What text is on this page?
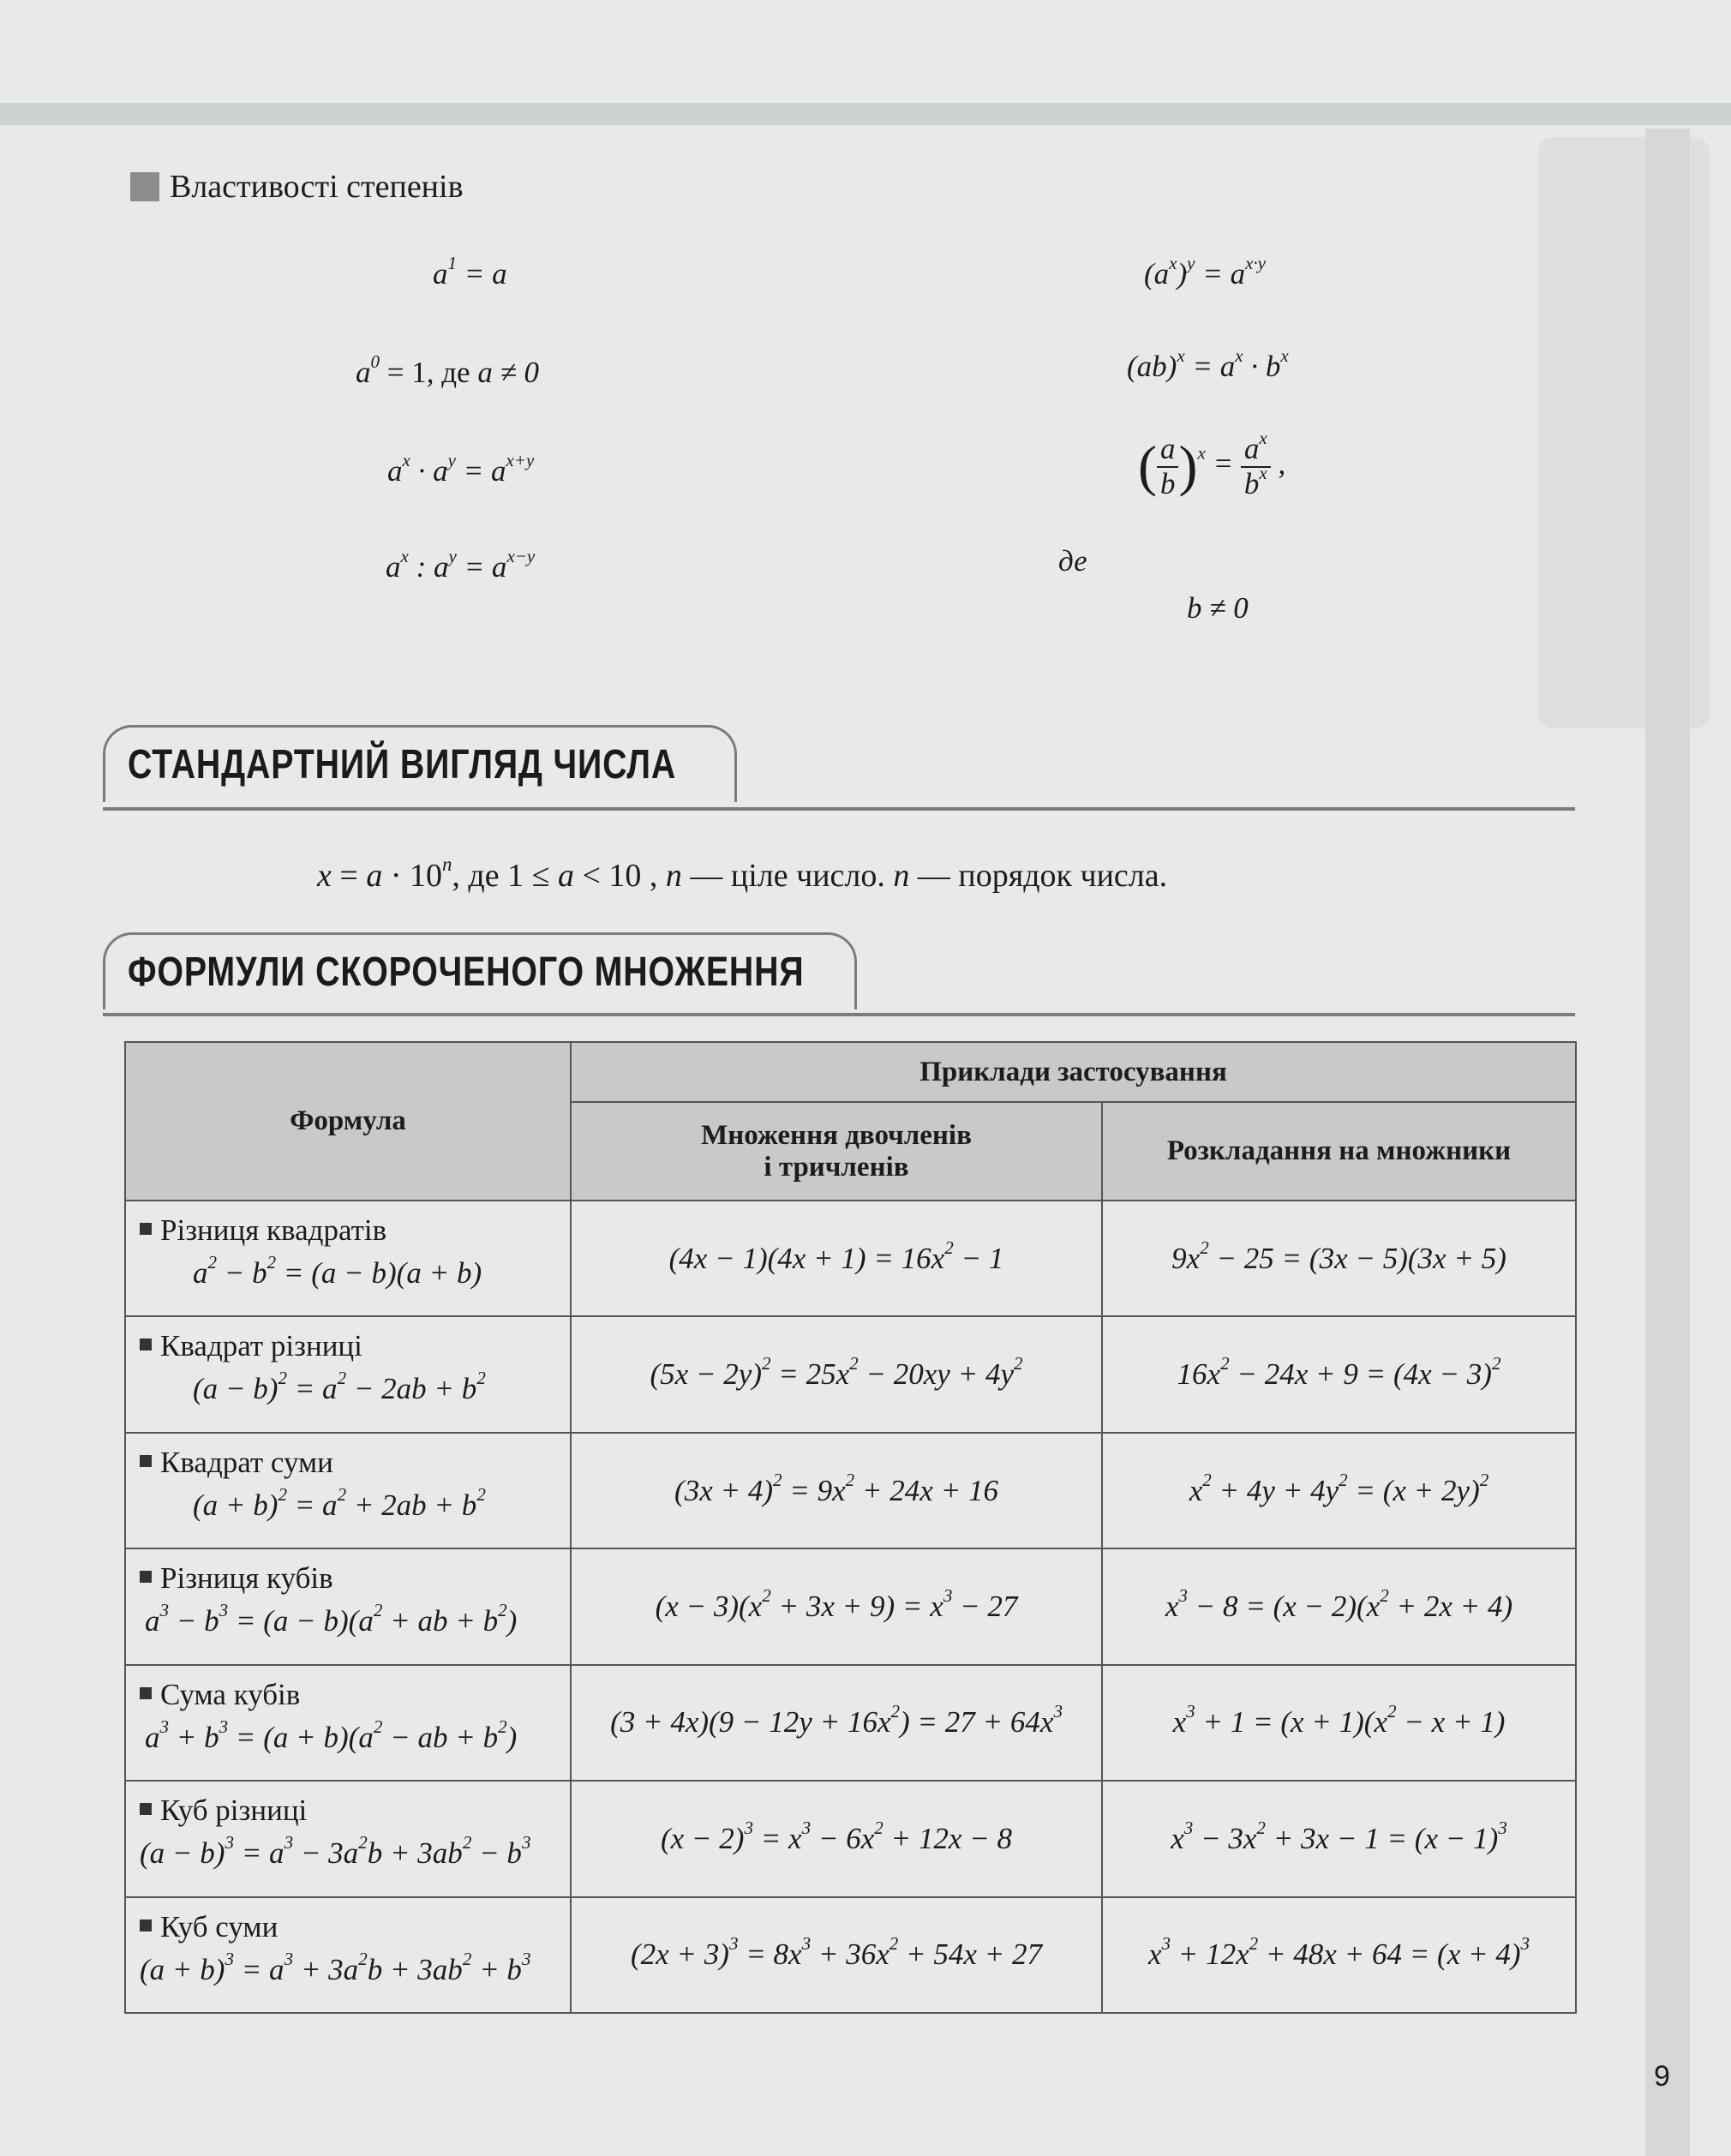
Властивості степенів
$a^1 = a$
$a^0 = 1$, де a ≠ 0
$a^x \cdot a^y = a^{x+y}$
$a^x$ : $a^y = a^{x-y}$
$(a^x)^y = a^{x\cdot y}$
$(ab)^x = a^x \cdot b^x$
( $\frac{a}{b} )^x = \frac{a^x}{b^x}$ ,
де
b ≠ 0
СТАНДАРТНИЙ ВИГЛЯД ЧИСЛА
$x = a \cdot 10^n$, де 1 ≤ a < 10 , n — ціле число. n — порядок числа.
ФОРМУЛИ СКОРОЧЕНОГО МНОЖЕННЯ
Формула	Приклади застосування	
	Множення двочленів
і тричленів	Розкладання на множники

Різниця квадратів
$a^2 - b^2 = (a - b)(a + b)$	$(4x - 1)(4x + 1) = 16x^2 - 1$	$9x^2 - 25 = (3x - 5)(3x + 5)$

Квадрат різниці
$(a - b)^2 = a^2 - 2ab + b^2$	$(5x - 2y)^2 = 25x^2 - 20xy + 4y^2$	$16x^2 - 24x + 9 = (4x - 3)^2$

Квадрат суми
$(a + b)^2 = a^2 + 2ab + b^2$	$(3x + 4)^2 = 9x^2 + 24x + 16$	$x^2 + 4y + 4y^2 = (x + 2y)^2$

Різниця кубів
$a^3 - b^3 = (a - b)(a^2$ + ab + $b^2$)	$(x - 3)(x^2 + 3x + 9) = x^3 - 27$	$x^3 - 8 = (x - 2)(x^2 + 2x + 4)$

Сума кубів
$a^3 + b^3 = (a + b)(a^2$ − ab + $b^2$)	$(3 + 4x)(9 - 12y + 16x^2) = 27 + 64x^3$	$x^3 + 1 = (x + 1)(x^2 - x + 1)$

Куб різниці
$(a - b)^3 = a^3 - 3a^2b + 3ab^2 - b^3$	$(x - 2)^3 = x^3 - 6x^2 + 12x - 8$	$x^3 - 3x^2 + 3x - 1 = (x - 1)^3$

Куб суми
$(a + b)^3 = a^3 + 3a^2b + 3ab^2 + b^3$	$(2x + 3)^3 = 8x^3 + 36x^2 + 54x + 27$	$x^3 + 12x^2 + 48x + 64 = (x + 4)^3$
9
